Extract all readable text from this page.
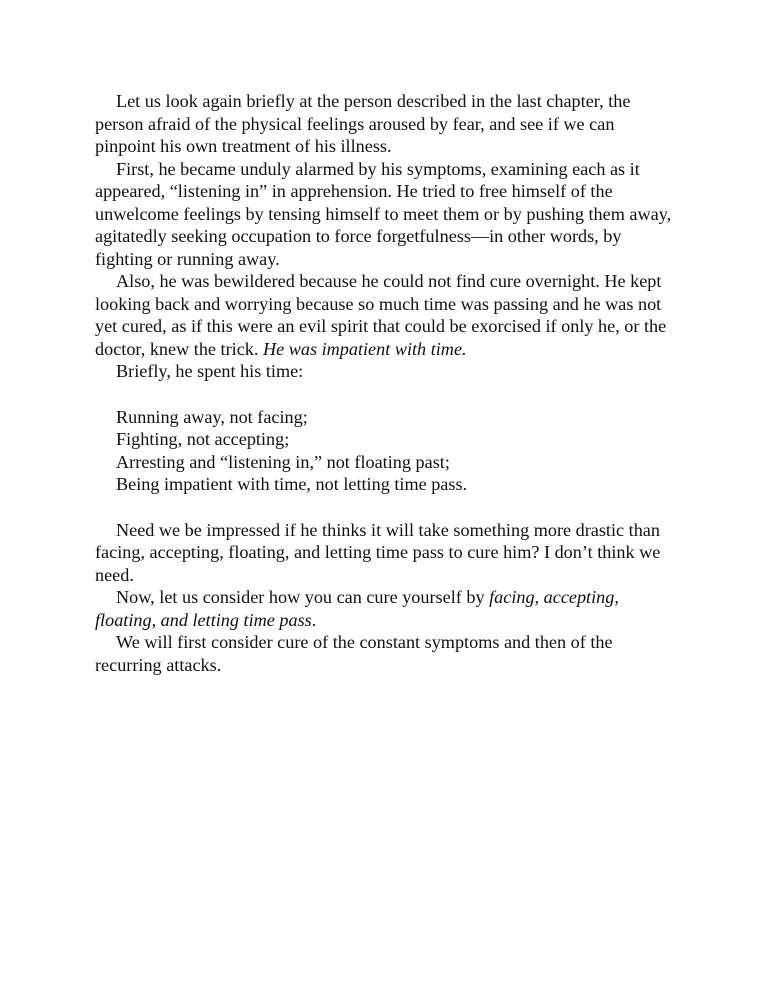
Let us look again briefly at the person described in the last chapter, the person afraid of the physical feelings aroused by fear, and see if we can pinpoint his own treatment of his illness.

First, he became unduly alarmed by his symptoms, examining each as it appeared, “listening in” in apprehension. He tried to free himself of the unwelcome feelings by tensing himself to meet them or by pushing them away, agitatedly seeking occupation to force forgetfulness—in other words, by fighting or running away.

Also, he was bewildered because he could not find cure overnight. He kept looking back and worrying because so much time was passing and he was not yet cured, as if this were an evil spirit that could be exorcised if only he, or the doctor, knew the trick. He was impatient with time.

Briefly, he spent his time:

Running away, not facing;
Fighting, not accepting;
Arresting and “listening in,” not floating past;
Being impatient with time, not letting time pass.

Need we be impressed if he thinks it will take something more drastic than facing, accepting, floating, and letting time pass to cure him? I don’t think we need.

Now, let us consider how you can cure yourself by facing, accepting, floating, and letting time pass.

We will first consider cure of the constant symptoms and then of the recurring attacks.
